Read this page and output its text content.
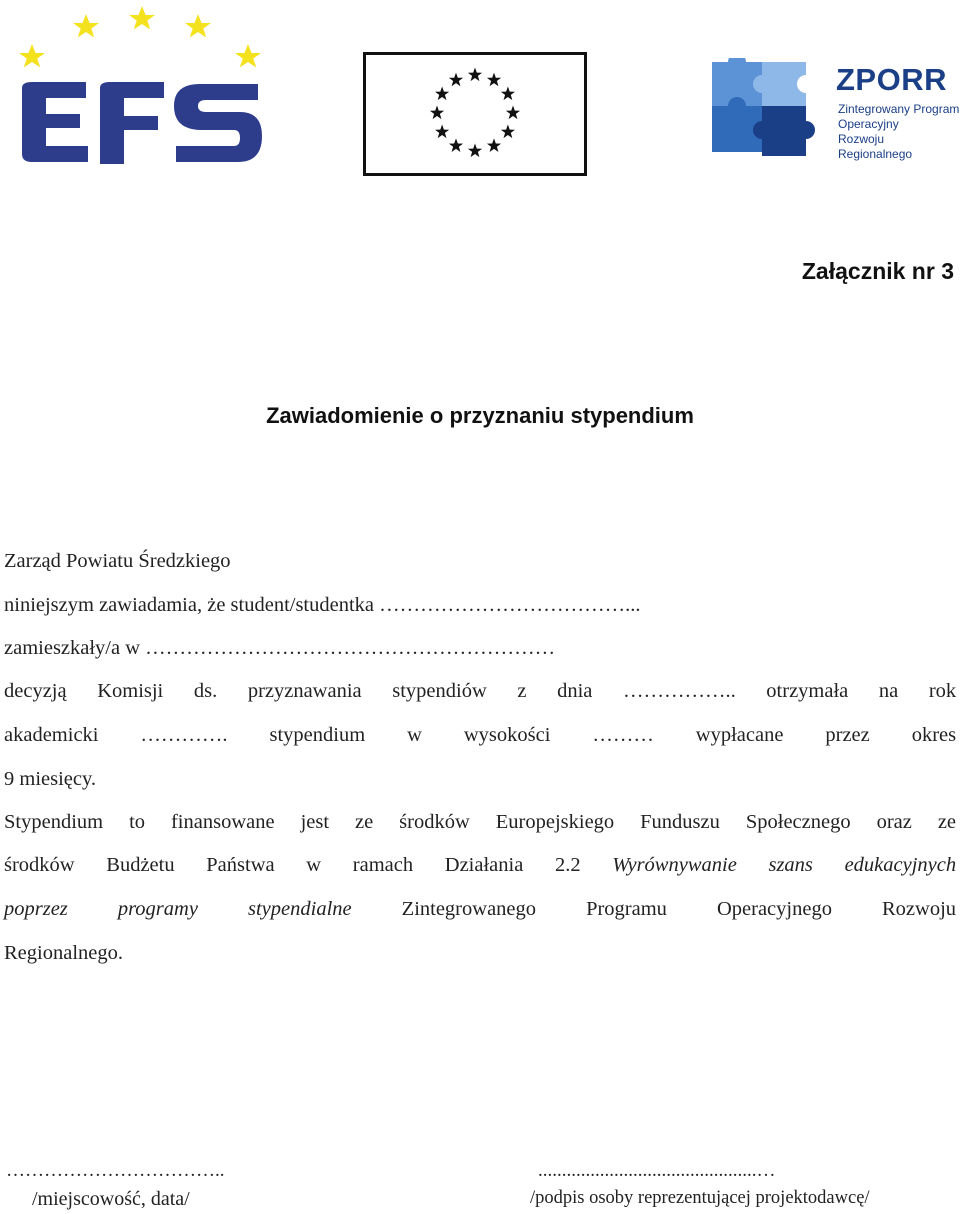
ZPORR
Zintegrowany Program
Operacyjny
Rozwoju Regionalnego
Załącznik nr 3
Zawiadomienie o przyznaniu stypendium
Zarząd Powiatu Średzkiego
niniejszym zawiadamia, że student/studentka ………………………………...
zamieszkały/a w ……………………………………………………
decyzją Komisji ds. przyznawania stypendiów z dnia …………….. otrzymała na rok
akademicki …………. stypendium w wysokości ……… wypłacane przez okres
9 miesięcy.
Stypendium to finansowane jest ze środków Europejskiego Funduszu Społecznego oraz ze
środków Budżetu Państwa w ramach Działania 2.2 Wyrównywanie szans edukacyjnych
poprzez programy stypendialne Zintegrowanego Programu Operacyjnego Rozwoju
Regionalnego.
……………………………..
/miejscowość, data/
..............................................…
/podpis osoby reprezentującej projektodawcę/
